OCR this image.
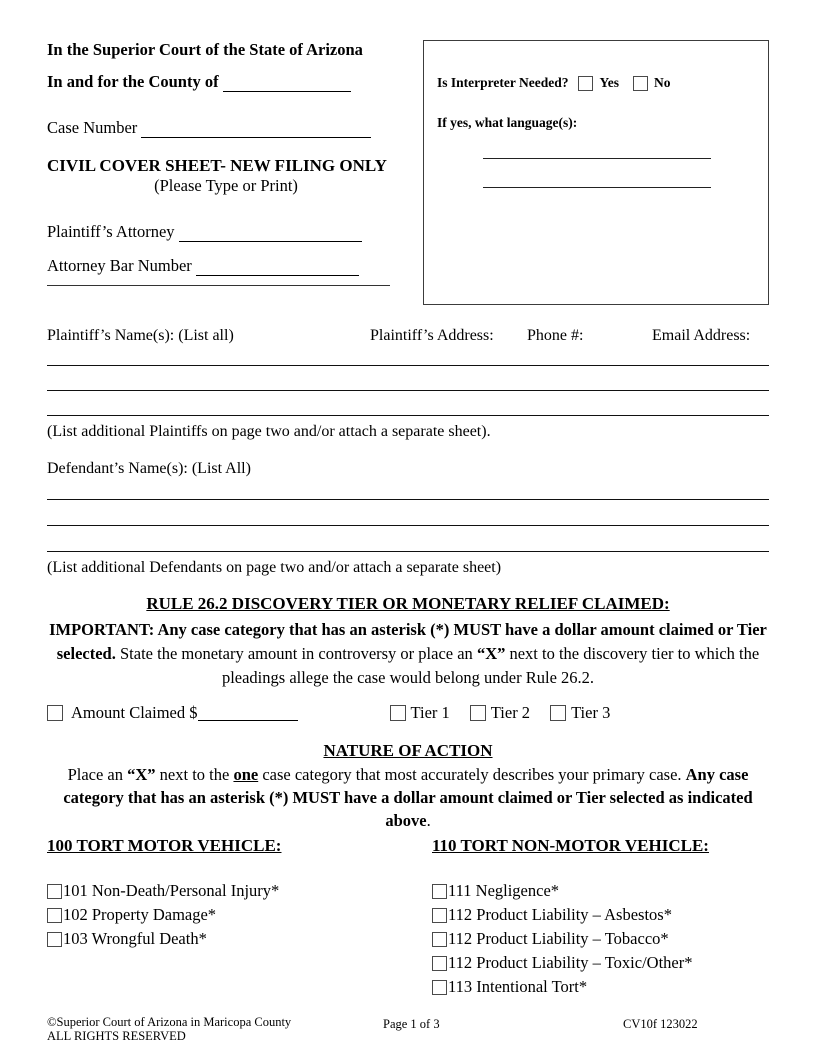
In the Superior Court of the State of Arizona
In and for the County of
Case Number
CIVIL COVER SHEET- NEW FILING ONLY
(Please Type or Print)
Plaintiff’s Attorney
Attorney Bar Number
Is Interpreter Needed? Yes	No
If yes, what language(s):
Plaintiff’s Name(s): (List all)	Plaintiff’s Address:	Phone #:	Email Address:
(List additional Plaintiffs on page two and/or attach a separate sheet).
Defendant’s Name(s): (List All)
(List additional Defendants on page two and/or attach a separate sheet)
RULE 26.2 DISCOVERY TIER OR MONETARY RELIEF CLAIMED:
IMPORTANT: Any case category that has an asterisk (*) MUST have a dollar amount claimed or Tier selected. State the monetary amount in controversy or place an “X” next to the discovery tier to which the pleadings allege the case would belong under Rule 26.2.
Amount Claimed $	Tier 1 Tier 2 Tier 3
NATURE OF ACTION
Place an “X” next to the one case category that most accurately describes your primary case. Any case category that has an asterisk (*) MUST have a dollar amount claimed or Tier selected as indicated above.
100 TORT MOTOR VEHICLE:
101 Non-Death/Personal Injury*
102 Property Damage*
103 Wrongful Death*
110 TORT NON-MOTOR VEHICLE:
111 Negligence*
112 Product Liability – Asbestos*
112 Product Liability – Tobacco*
112 Product Liability – Toxic/Other*
113 Intentional Tort*
©Superior Court of Arizona in Maricopa County
ALL RIGHTS RESERVED
Page 1 of 3	CV10f 123022
